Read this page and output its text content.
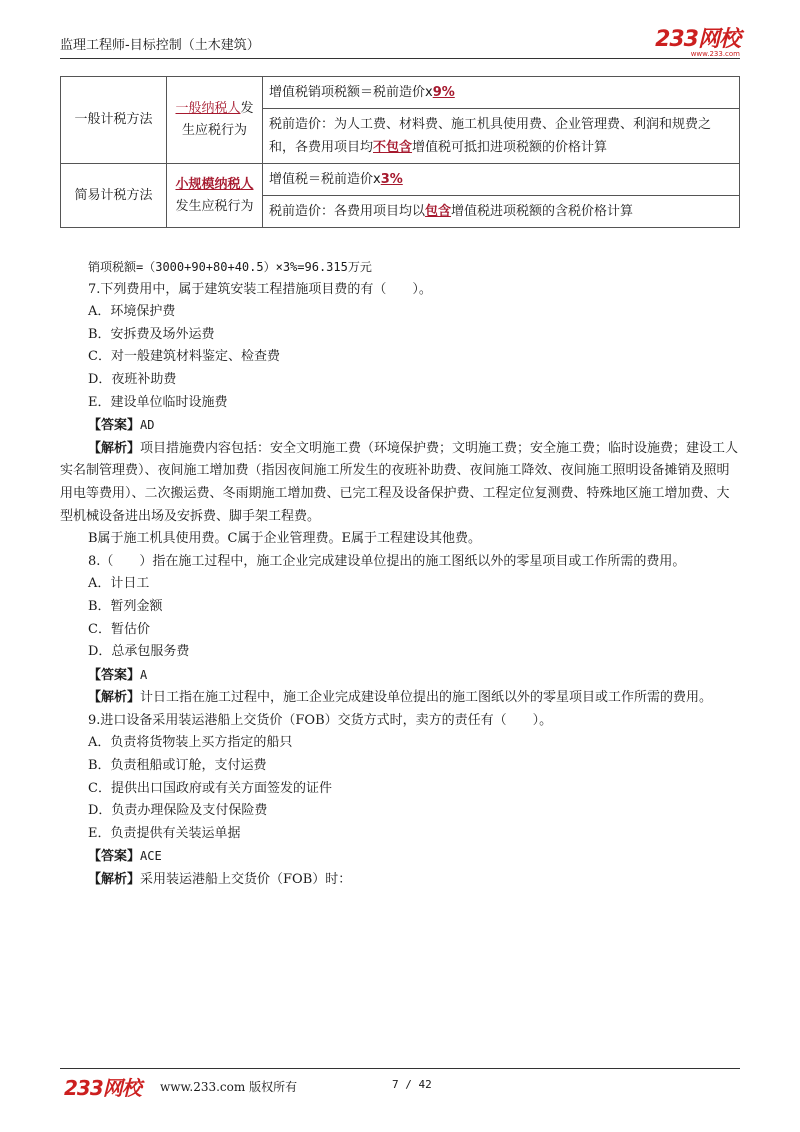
监理工程师-目标控制（土木建筑）	233网校
www.233.com
一般计税方法	一般纳税人发生应税行为	
增值税销项税额＝税前造价x9%
税前造价：为人工费、材料费、施工机具使用费、企业管理费、利润和规费之和，各费用项目均不包含增值税可抵扣进项税额的价格计算

简易计税方法	小规模纳税人发生应税行为	
增值税＝税前造价x3%
税前造价：各费用项目均以包含增值税进项税额的含税价格计算

销项税额=（3000+90+80+40.5）×3%=96.315万元

7.下列费用中，属于建筑安装工程措施项目费的有（　　）。

A．环境保护费

B．安拆费及场外运费

C．对一般建筑材料鉴定、检查费

D．夜班补助费

E．建设单位临时设施费

【答案】AD

【解析】项目措施费内容包括：安全文明施工费（环境保护费；文明施工费；安全施工费；临时设施费；建设工人实名制管理费）、夜间施工增加费（指因夜间施工所发生的夜班补助费、夜间施工降效、夜间施工照明设备摊销及照明用电等费用）、二次搬运费、冬雨期施工增加费、已完工程及设备保护费、工程定位复测费、特殊地区施工增加费、大型机械设备进出场及安拆费、脚手架工程费。

B属于施工机具使用费。C属于企业管理费。E属于工程建设其他费。

8.（　　）指在施工过程中，施工企业完成建设单位提出的施工图纸以外的零星项目或工作所需的费用。

A．计日工

B．暂列金额

C．暂估价

D．总承包服务费

【答案】A

【解析】计日工指在施工过程中，施工企业完成建设单位提出的施工图纸以外的零星项目或工作所需的费用。

9.进口设备采用装运港船上交货价（FOB）交货方式时，卖方的责任有（　　）。

A．负责将货物装上买方指定的船只

B．负责租船或订舱，支付运费

C．提供出口国政府或有关方面签发的证件

D．负责办理保险及支付保险费

E．负责提供有关装运单据

【答案】ACE

【解析】采用装运港船上交货价（FOB）时：

233网校 www.233.com 版权所有	7 / 42
